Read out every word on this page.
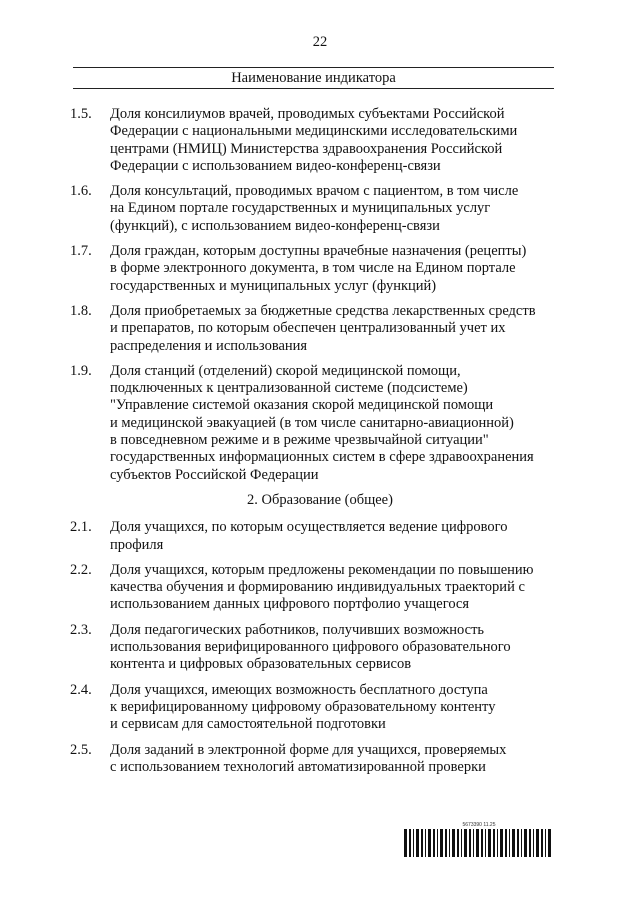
22
Наименование индикатора
1.5.	Доля консилиумов врачей, проводимых субъектами Российской
Федерации с национальными медицинскими исследовательскими
центрами (НМИЦ) Министерства здравоохранения Российской
Федерации с использованием видео-конференц-связи
1.6.	Доля консультаций, проводимых врачом с пациентом, в том числе
на Едином портале государственных и муниципальных услуг
(функций), с использованием видео-конференц-связи
1.7.	Доля граждан, которым доступны врачебные назначения (рецепты)
в форме электронного документа, в том числе на Едином портале
государственных и муниципальных услуг (функций)
1.8.	Доля приобретаемых за бюджетные средства лекарственных средств
и препаратов, по которым обеспечен централизованный учет их
распределения и использования
1.9.	Доля станций (отделений) скорой медицинской помощи,
подключенных к централизованной системе (подсистеме)
"Управление системой оказания скорой медицинской помощи
и медицинской эвакуацией (в том числе санитарно-авиационной)
в повседневном режиме и в режиме чрезвычайной ситуации"
государственных информационных систем в сфере здравоохранения
субъектов Российской Федерации
2. Образование (общее)
2.1.	Доля учащихся, по которым осуществляется ведение цифрового
профиля
2.2.	Доля учащихся, которым предложены рекомендации по повышению
качества обучения и формированию индивидуальных траекторий с
использованием данных цифрового портфолио учащегося
2.3.	Доля педагогических работников, получивших возможность
использования верифицированного цифрового образовательного
контента и цифровых образовательных сервисов
2.4.	Доля учащихся, имеющих возможность бесплатного доступа
к верифицированному цифровому образовательному контенту
и сервисам для самостоятельной подготовки
2.5.	Доля заданий в электронной форме для учащихся, проверяемых
с использованием технологий автоматизированной проверки
5673390 11.25
